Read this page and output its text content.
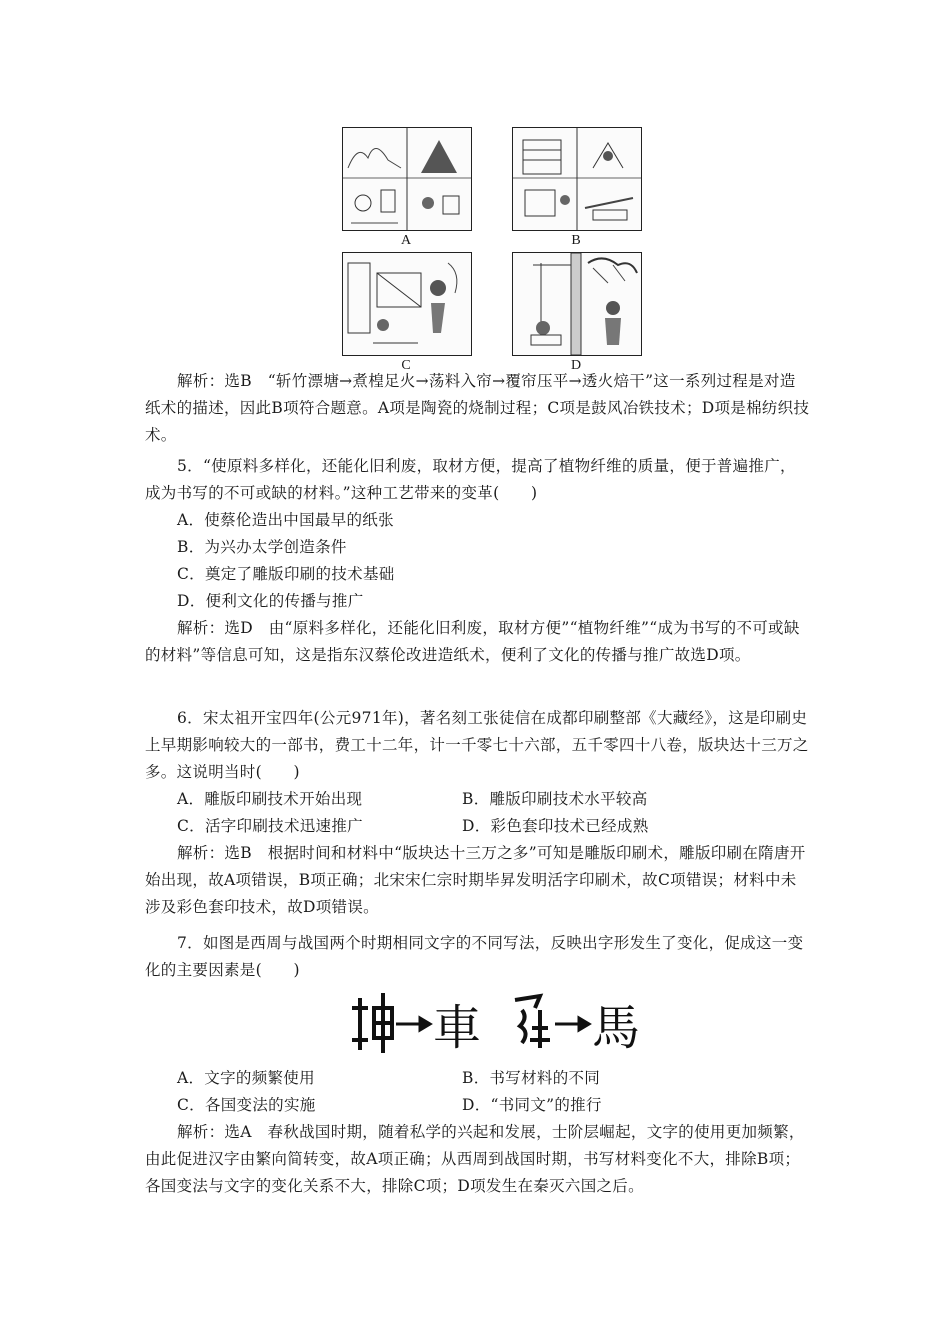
A	B
C	D

解析：选B　“斩竹漂塘→煮楻足火→荡料入帘→覆帘压平→透火焙干”这一系列过程是对造纸术的描述，因此B项符合题意。A项是陶瓷的烧制过程；C项是鼓风冶铁技术；D项是棉纺织技术。

5．“使原料多样化，还能化旧利废，取材方便，提高了植物纤维的质量，便于普遍推广，成为书写的不可或缺的材料。”这种工艺带来的变革(　　)

A．使蔡伦造出中国最早的纸张

B．为兴办太学创造条件

C．奠定了雕版印刷的技术基础

D．便利文化的传播与推广

解析：选D　由“原料多样化，还能化旧利废，取材方便”“植物纤维”“成为书写的不可或缺的材料”等信息可知，这是指东汉蔡伦改进造纸术，便利了文化的传播与推广故选D项。

6．宋太祖开宝四年(公元971年)，著名刻工张徒信在成都印刷整部《大藏经》，这是印刷史上早期影响较大的一部书，费工十二年，计一千零七十六部，五千零四十八卷，版块达十三万之多。这说明当时(　　)

A．雕版印刷技术开始出现	B．雕版印刷技术水平较高
C．活字印刷技术迅速推广	D．彩色套印技术已经成熟

解析：选B　根据时间和材料中“版块达十三万之多”可知是雕版印刷术，雕版印刷在隋唐开始出现，故A项错误，B项正确；北宋宋仁宗时期毕昇发明活字印刷术，故C项错误；材料中未涉及彩色套印技术，故D项错误。

7．如图是西周与战国两个时期相同文字的不同写法，反映出字形发生了变化，促成这一变化的主要因素是(　　)

車 馬
A．文字的频繁使用	B．书写材料的不同
C．各国变法的实施	D．“书同文”的推行

解析：选A　春秋战国时期，随着私学的兴起和发展，士阶层崛起，文字的使用更加频繁，由此促进汉字由繁向简转变，故A项正确；从西周到战国时期，书写材料变化不大，排除B项；各国变法与文字的变化关系不大，排除C项；D项发生在秦灭六国之后。
